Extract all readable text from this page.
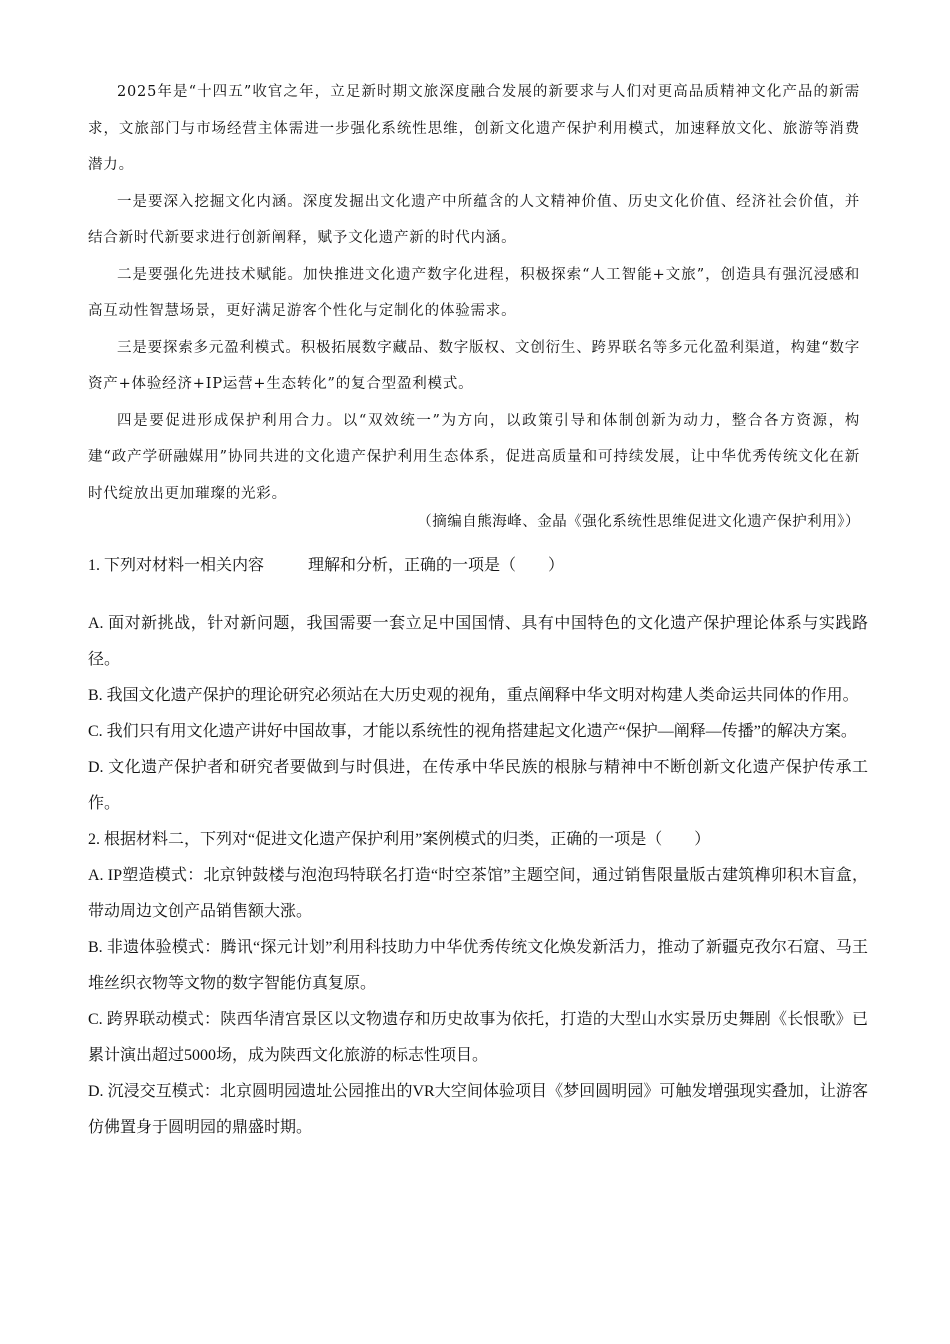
2025年是“十四五”收官之年，立足新时期文旅深度融合发展的新要求与人们对更高品质精神文化产品的新需求，文旅部门与市场经营主体需进一步强化系统性思维，创新文化遗产保护利用模式，加速释放文化、旅游等消费潜力。

一是要深入挖掘文化内涵。深度发掘出文化遗产中所蕴含的人文精神价值、历史文化价值、经济社会价值，并结合新时代新要求进行创新阐释，赋予文化遗产新的时代内涵。

二是要强化先进技术赋能。加快推进文化遗产数字化进程，积极探索“人工智能+文旅”，创造具有强沉浸感和高互动性智慧场景，更好满足游客个性化与定制化的体验需求。

三是要探索多元盈利模式。积极拓展数字藏品、数字版权、文创衍生、跨界联名等多元化盈利渠道，构建“数字资产+体验经济+IP运营+生态转化”的复合型盈利模式。

四是要促进形成保护利用合力。以“双效统一”为方向，以政策引导和体制创新为动力，整合各方资源，构建“政产学研融媒用”协同共进的文化遗产保护利用生态体系，促进高质量和可持续发展，让中华优秀传统文化在新时代绽放出更加璀璨的光彩。

（摘编自熊海峰、金晶《强化系统性思维促进文化遗产保护利用》）

1. 下列对材料一相关内容	理解和分析，正确的一项是（　　）

A. 面对新挑战，针对新问题，我国需要一套立足中国国情、具有中国特色的文化遗产保护理论体系与实践路径。

B. 我国文化遗产保护的理论研究必须站在大历史观的视角，重点阐释中华文明对构建人类命运共同体的作用。

C. 我们只有用文化遗产讲好中国故事，才能以系统性的视角搭建起文化遗产“保护—阐释—传播”的解决方案。

D. 文化遗产保护者和研究者要做到与时俱进，在传承中华民族的根脉与精神中不断创新文化遗产保护传承工作。

2. 根据材料二，下列对“促进文化遗产保护利用”案例模式的归类，正确的一项是（　　）

A. IP塑造模式：北京钟鼓楼与泡泡玛特联名打造“时空茶馆”主题空间，通过销售限量版古建筑榫卯积木盲盒，带动周边文创产品销售额大涨。

B. 非遗体验模式：腾讯“探元计划”利用科技助力中华优秀传统文化焕发新活力，推动了新疆克孜尔石窟、马王堆丝织衣物等文物的数字智能仿真复原。

C. 跨界联动模式：陕西华清宫景区以文物遗存和历史故事为依托，打造的大型山水实景历史舞剧《长恨歌》已累计演出超过5000场，成为陕西文化旅游的标志性项目。

D. 沉浸交互模式：北京圆明园遗址公园推出的VR大空间体验项目《梦回圆明园》可触发增强现实叠加，让游客仿佛置身于圆明园的鼎盛时期。
